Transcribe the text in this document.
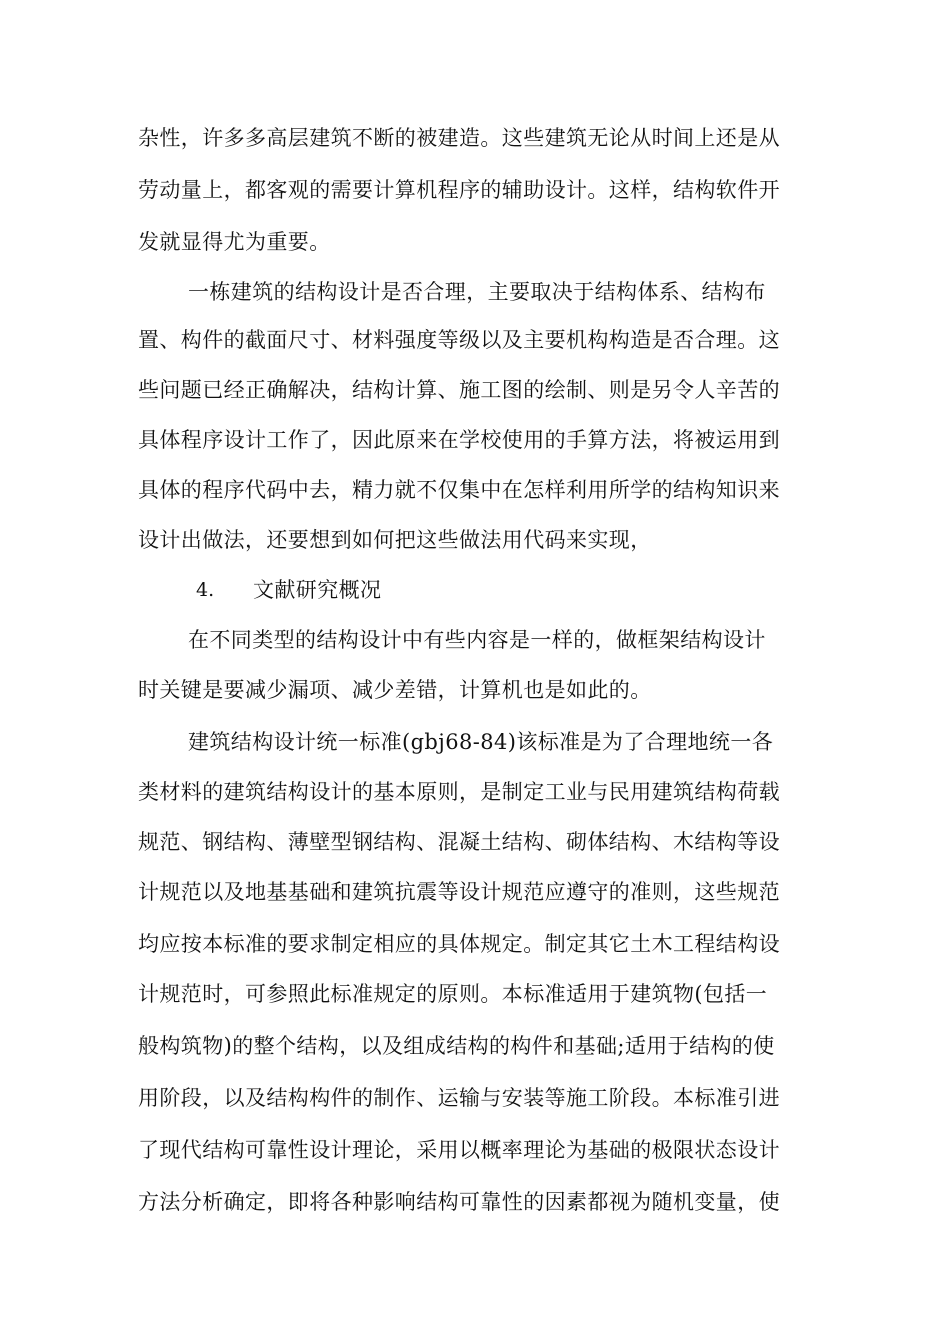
杂性，许多多高层建筑不断的被建造。这些建筑无论从时间上还是从
劳动量上，都客观的需要计算机程序的辅助设计。这样，结构软件开
发就显得尤为重要。
一栋建筑的结构设计是否合理，主要取决于结构体系、结构布
置、构件的截面尺寸、材料强度等级以及主要机构构造是否合理。这
些问题已经正确解决，结构计算、施工图的绘制、则是另令人辛苦的
具体程序设计工作了，因此原来在学校使用的手算方法，将被运用到
具体的程序代码中去，精力就不仅集中在怎样利用所学的结构知识来
设计出做法，还要想到如何把这些做法用代码来实现，
4. 文献研究概况
在不同类型的结构设计中有些内容是一样的，做框架结构设计
时关键是要减少漏项、减少差错，计算机也是如此的。
建筑结构设计统一标准(gbj68-84)该标准是为了合理地统一各
类材料的建筑结构设计的基本原则，是制定工业与民用建筑结构荷载
规范、钢结构、薄壁型钢结构、混凝土结构、砌体结构、木结构等设
计规范以及地基基础和建筑抗震等设计规范应遵守的准则，这些规范
均应按本标准的要求制定相应的具体规定。制定其它土木工程结构设
计规范时，可参照此标准规定的原则。本标准适用于建筑物(包括一
般构筑物)的整个结构，以及组成结构的构件和基础;适用于结构的使
用阶段，以及结构构件的制作、运输与安装等施工阶段。本标准引进
了现代结构可靠性设计理论，采用以概率理论为基础的极限状态设计
方法分析确定，即将各种影响结构可靠性的因素都视为随机变量，使
